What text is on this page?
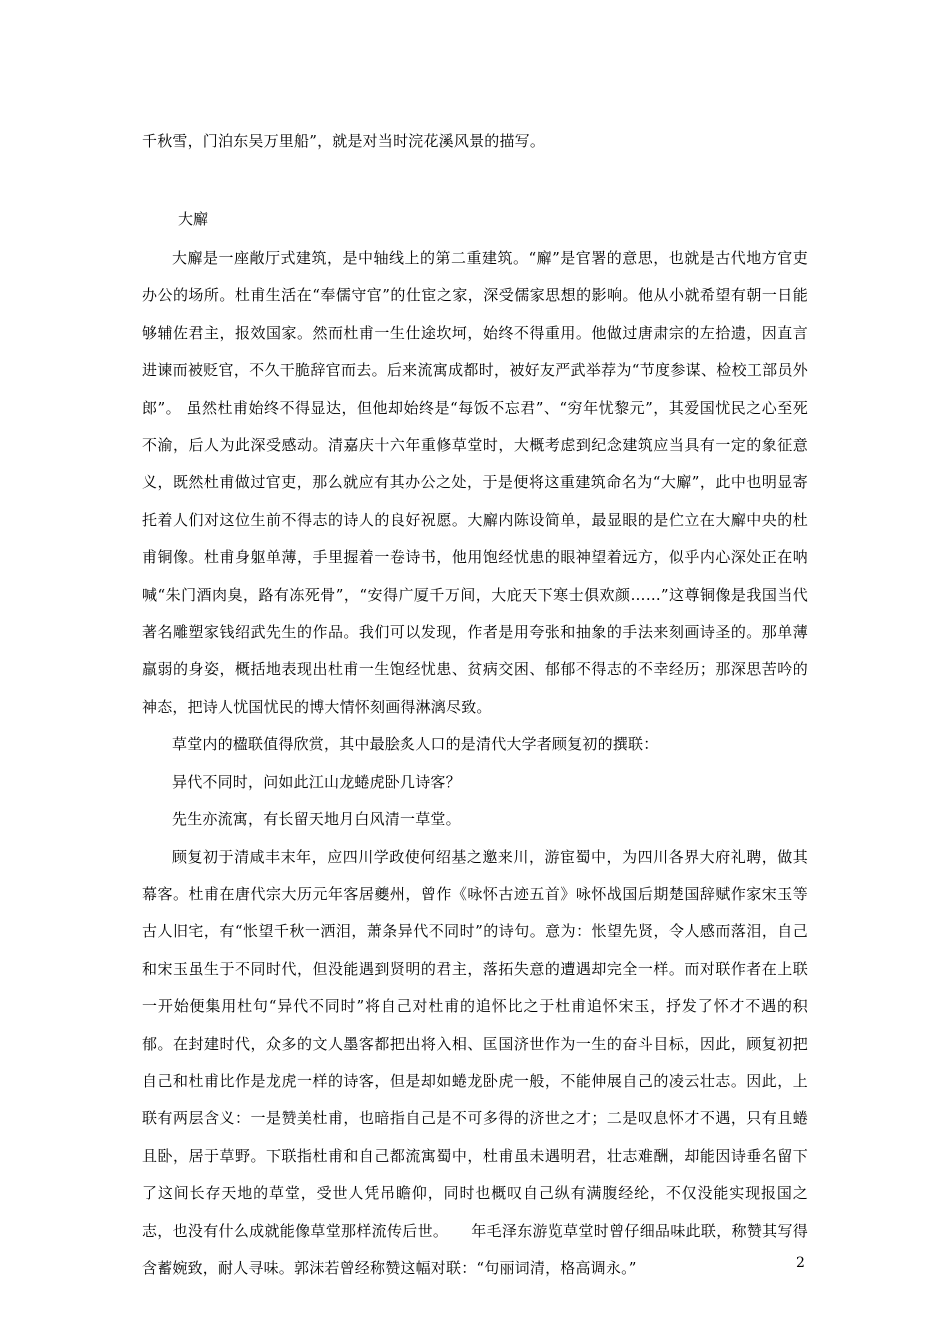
千秋雪，门泊东吴万里船”，就是对当时浣花溪风景的描写。

大廨

大廨是一座敞厅式建筑，是中轴线上的第二重建筑。“廨”是官署的意思，也就是古代地方官吏办公的场所。杜甫生活在“奉儒守官”的仕宦之家，深受儒家思想的影响。他从小就希望有朝一日能够辅佐君主，报效国家。然而杜甫一生仕途坎坷，始终不得重用。他做过唐肃宗的左拾遗，因直言进谏而被贬官，不久干脆辞官而去。后来流寓成都时，被好友严武举荐为“节度参谋、检校工部员外郎”。 虽然杜甫始终不得显达，但他却始终是“每饭不忘君”、“穷年忧黎元”，其爱国忧民之心至死不渝，后人为此深受感动。清嘉庆十六年重修草堂时，大概考虑到纪念建筑应当具有一定的象征意义，既然杜甫做过官吏，那么就应有其办公之处，于是便将这重建筑命名为“大廨”，此中也明显寄托着人们对这位生前不得志的诗人的良好祝愿。大廨内陈设简单，最显眼的是伫立在大廨中央的杜甫铜像。杜甫身躯单薄，手里握着一卷诗书，他用饱经忧患的眼神望着远方，似乎内心深处正在呐喊“朱门酒肉臭，路有冻死骨”，“安得广厦千万间，大庇天下寒士俱欢颜……”这尊铜像是我国当代著名雕塑家钱绍武先生的作品。我们可以发现，作者是用夸张和抽象的手法来刻画诗圣的。那单薄羸弱的身姿，概括地表现出杜甫一生饱经忧患、贫病交困、郁郁不得志的不幸经历；那深思苦吟的神态，把诗人忧国忧民的博大情怀刻画得淋漓尽致。

草堂内的楹联值得欣赏，其中最脍炙人口的是清代大学者顾复初的撰联：

异代不同时，问如此江山龙蜷虎卧几诗客？

先生亦流寓，有长留天地月白风清一草堂。

顾复初于清咸丰末年，应四川学政使何绍基之邀来川，游宦蜀中，为四川各界大府礼聘，做其幕客。杜甫在唐代宗大历元年客居夔州，曾作《咏怀古迹五首》咏怀战国后期楚国辞赋作家宋玉等古人旧宅，有“怅望千秋一洒泪，萧条异代不同时”的诗句。意为：怅望先贤，令人感而落泪，自己和宋玉虽生于不同时代，但没能遇到贤明的君主，落拓失意的遭遇却完全一样。而对联作者在上联一开始便集用杜句“异代不同时”将自己对杜甫的追怀比之于杜甫追怀宋玉，抒发了怀才不遇的积郁。在封建时代，众多的文人墨客都把出将入相、匡国济世作为一生的奋斗目标，因此，顾复初把自己和杜甫比作是龙虎一样的诗客，但是却如蜷龙卧虎一般，不能伸展自己的凌云壮志。因此，上联有两层含义：一是赞美杜甫，也暗指自己是不可多得的济世之才；二是叹息怀才不遇，只有且蜷且卧，居于草野。下联指杜甫和自己都流寓蜀中，杜甫虽未遇明君，壮志难酬，却能因诗垂名留下了这间长存天地的草堂，受世人凭吊瞻仰，同时也概叹自己纵有满腹经纶，不仅没能实现报国之志，也没有什么成就能像草堂那样流传后世。　　年毛泽东游览草堂时曾仔细品味此联，称赞其写得含蓄婉致，耐人寻味。郭沫若曾经称赞这幅对联：“句丽词清，格高调永。”	2
